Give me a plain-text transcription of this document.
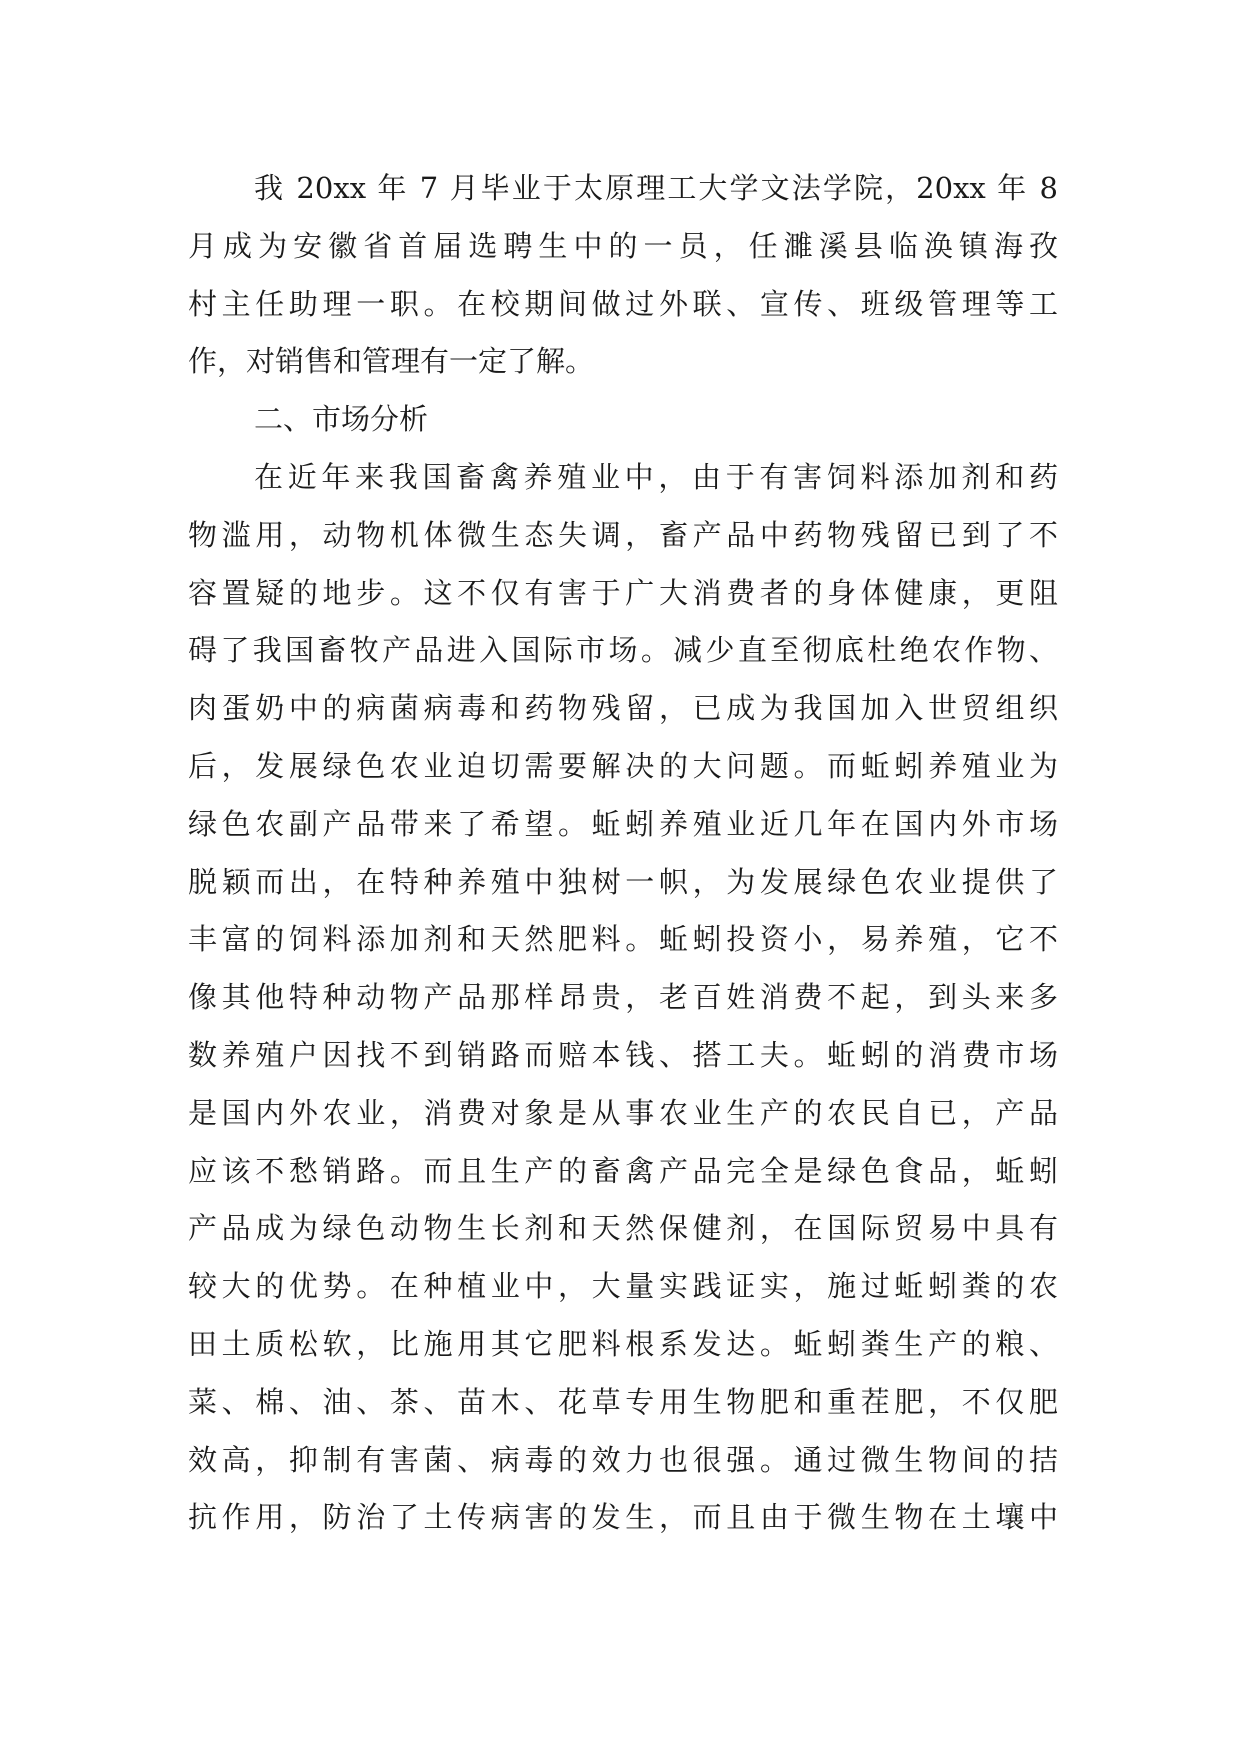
我 20xx 年 7 月毕业于太原理工大学文法学院，20xx 年 8
月成为安徽省首届选聘生中的一员，任濉溪县临涣镇海孜
村主任助理一职。在校期间做过外联、宣传、班级管理等工
作，对销售和管理有一定了解。
二、市场分析
在近年来我国畜禽养殖业中，由于有害饲料添加剂和药
物滥用，动物机体微生态失调，畜产品中药物残留已到了不
容置疑的地步。这不仅有害于广大消费者的身体健康，更阻
碍了我国畜牧产品进入国际市场。减少直至彻底杜绝农作物、
肉蛋奶中的病菌病毒和药物残留，已成为我国加入世贸组织
后，发展绿色农业迫切需要解决的大问题。而蚯蚓养殖业为
绿色农副产品带来了希望。蚯蚓养殖业近几年在国内外市场
脱颖而出，在特种养殖中独树一帜，为发展绿色农业提供了
丰富的饲料添加剂和天然肥料。蚯蚓投资小，易养殖，它不
像其他特种动物产品那样昂贵，老百姓消费不起，到头来多
数养殖户因找不到销路而赔本钱、搭工夫。蚯蚓的消费市场
是国内外农业，消费对象是从事农业生产的农民自已，产品
应该不愁销路。而且生产的畜禽产品完全是绿色食品，蚯蚓
产品成为绿色动物生长剂和天然保健剂，在国际贸易中具有
较大的优势。在种植业中，大量实践证实，施过蚯蚓粪的农
田土质松软，比施用其它肥料根系发达。蚯蚓粪生产的粮、
菜、棉、油、茶、苗木、花草专用生物肥和重茬肥，不仅肥
效高，抑制有害菌、病毒的效力也很强。通过微生物间的拮
抗作用，防治了土传病害的发生，而且由于微生物在土壤中
